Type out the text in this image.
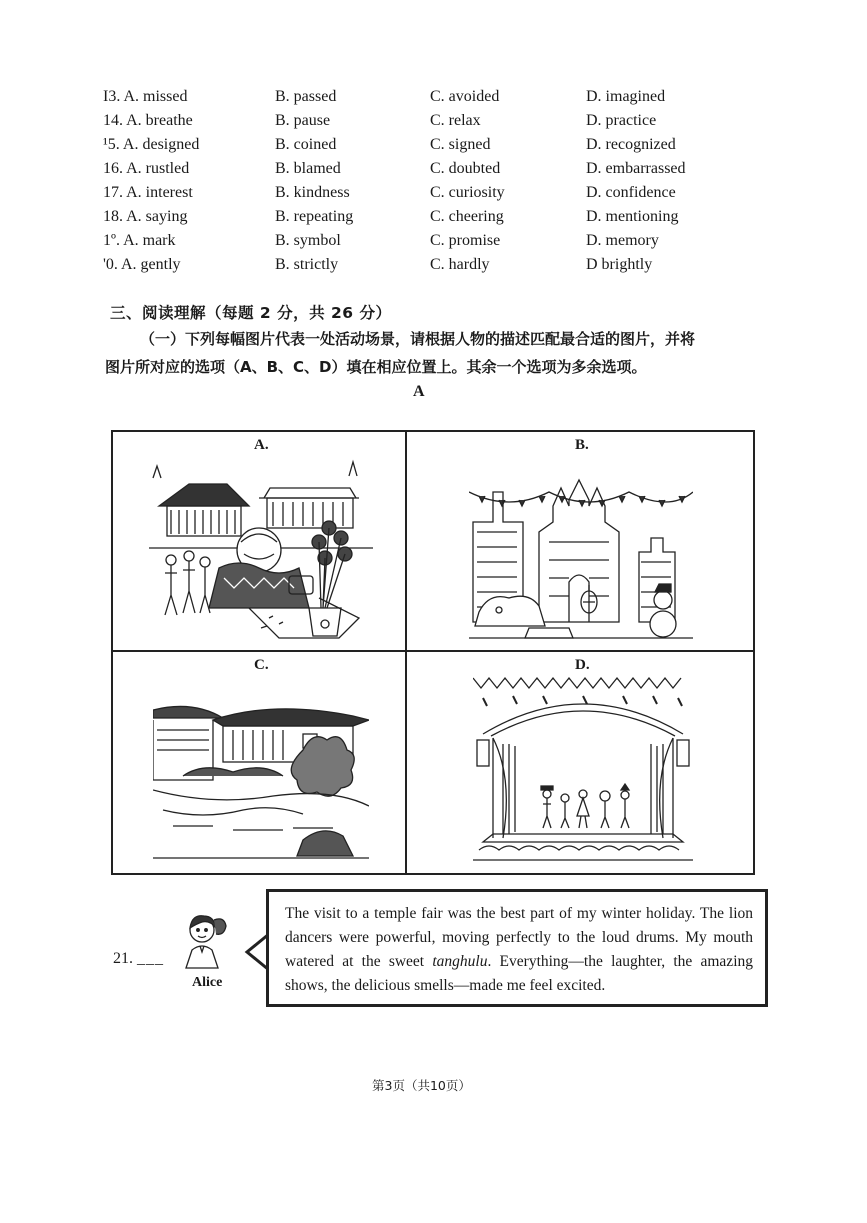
I3. A. missed	B. passed	C. avoided	D. imagined
14. A. breathe	B. pause	C. relax	D. practice
¹5. A. designed	B. coined	C. signed	D. recognized
16. A. rustled	B. blamed	C. doubted	D. embarrassed
17. A. interest	B. kindness	C. curiosity	D. confidence
18. A. saying	B. repeating	C. cheering	D. mentioning
1º. A. mark	B. symbol	C. promise	D. memory
'0. A. gently	B. strictly	C. hardly	D brightly
三、阅读理解（每题 2 分，共 26 分）
（一）下列每幅图片代表一处活动场景，请根据人物的描述匹配最合适的图片，并将
图片所对应的选项（A、B、C、D）填在相应位置上。其余一个选项为多余选项。
A
A.	B.
C.	D.
21. ___
Alice
The visit to a temple fair was the best part of my winter holiday. The lion dancers were powerful, moving perfectly to the loud drums. My mouth watered at the sweet tanghulu. Everything—the laughter, the amazing shows, the delicious smells—made me feel excited.
第3页（共10页）
